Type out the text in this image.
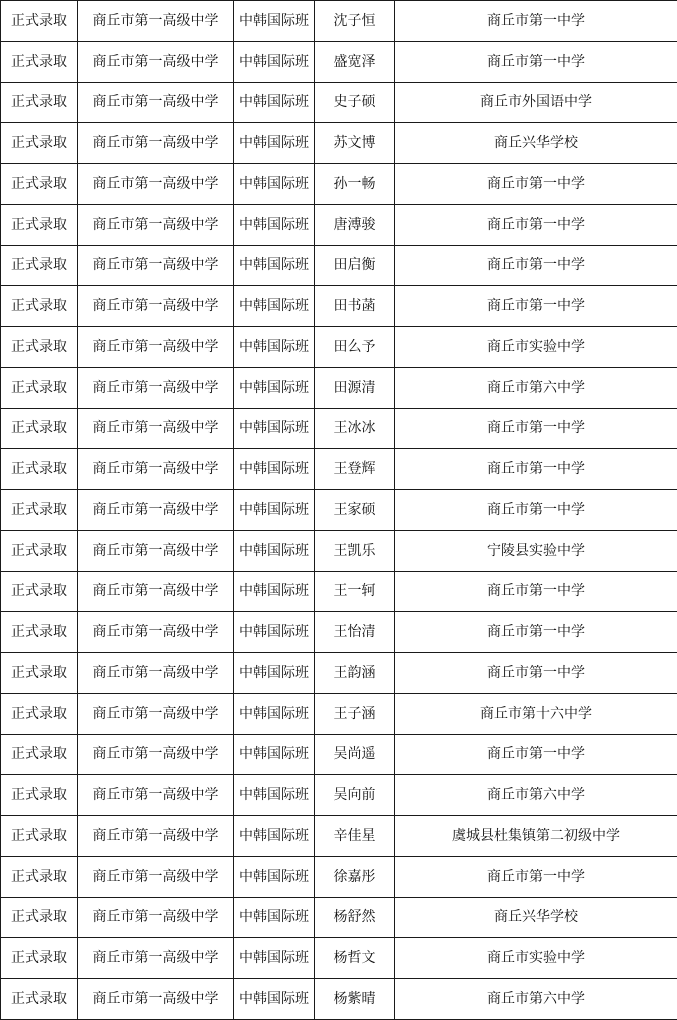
正式录取	商丘市第一高级中学	中韩国际班	沈子恒	商丘市第一中学
正式录取	商丘市第一高级中学	中韩国际班	盛宽泽	商丘市第一中学
正式录取	商丘市第一高级中学	中韩国际班	史子硕	商丘市外国语中学
正式录取	商丘市第一高级中学	中韩国际班	苏文博	商丘兴华学校
正式录取	商丘市第一高级中学	中韩国际班	孙一畅	商丘市第一中学
正式录取	商丘市第一高级中学	中韩国际班	唐溥骏	商丘市第一中学
正式录取	商丘市第一高级中学	中韩国际班	田启衡	商丘市第一中学
正式录取	商丘市第一高级中学	中韩国际班	田书菡	商丘市第一中学
正式录取	商丘市第一高级中学	中韩国际班	田么予	商丘市实验中学
正式录取	商丘市第一高级中学	中韩国际班	田源清	商丘市第六中学
正式录取	商丘市第一高级中学	中韩国际班	王冰冰	商丘市第一中学
正式录取	商丘市第一高级中学	中韩国际班	王登辉	商丘市第一中学
正式录取	商丘市第一高级中学	中韩国际班	王家硕	商丘市第一中学
正式录取	商丘市第一高级中学	中韩国际班	王凯乐	宁陵县实验中学
正式录取	商丘市第一高级中学	中韩国际班	王一轲	商丘市第一中学
正式录取	商丘市第一高级中学	中韩国际班	王怡清	商丘市第一中学
正式录取	商丘市第一高级中学	中韩国际班	王韵涵	商丘市第一中学
正式录取	商丘市第一高级中学	中韩国际班	王子涵	商丘市第十六中学
正式录取	商丘市第一高级中学	中韩国际班	吴尚遥	商丘市第一中学
正式录取	商丘市第一高级中学	中韩国际班	吴向前	商丘市第六中学
正式录取	商丘市第一高级中学	中韩国际班	辛佳星	虞城县杜集镇第二初级中学
正式录取	商丘市第一高级中学	中韩国际班	徐嘉彤	商丘市第一中学
正式录取	商丘市第一高级中学	中韩国际班	杨舒然	商丘兴华学校
正式录取	商丘市第一高级中学	中韩国际班	杨哲文	商丘市实验中学
正式录取	商丘市第一高级中学	中韩国际班	杨紫晴	商丘市第六中学
